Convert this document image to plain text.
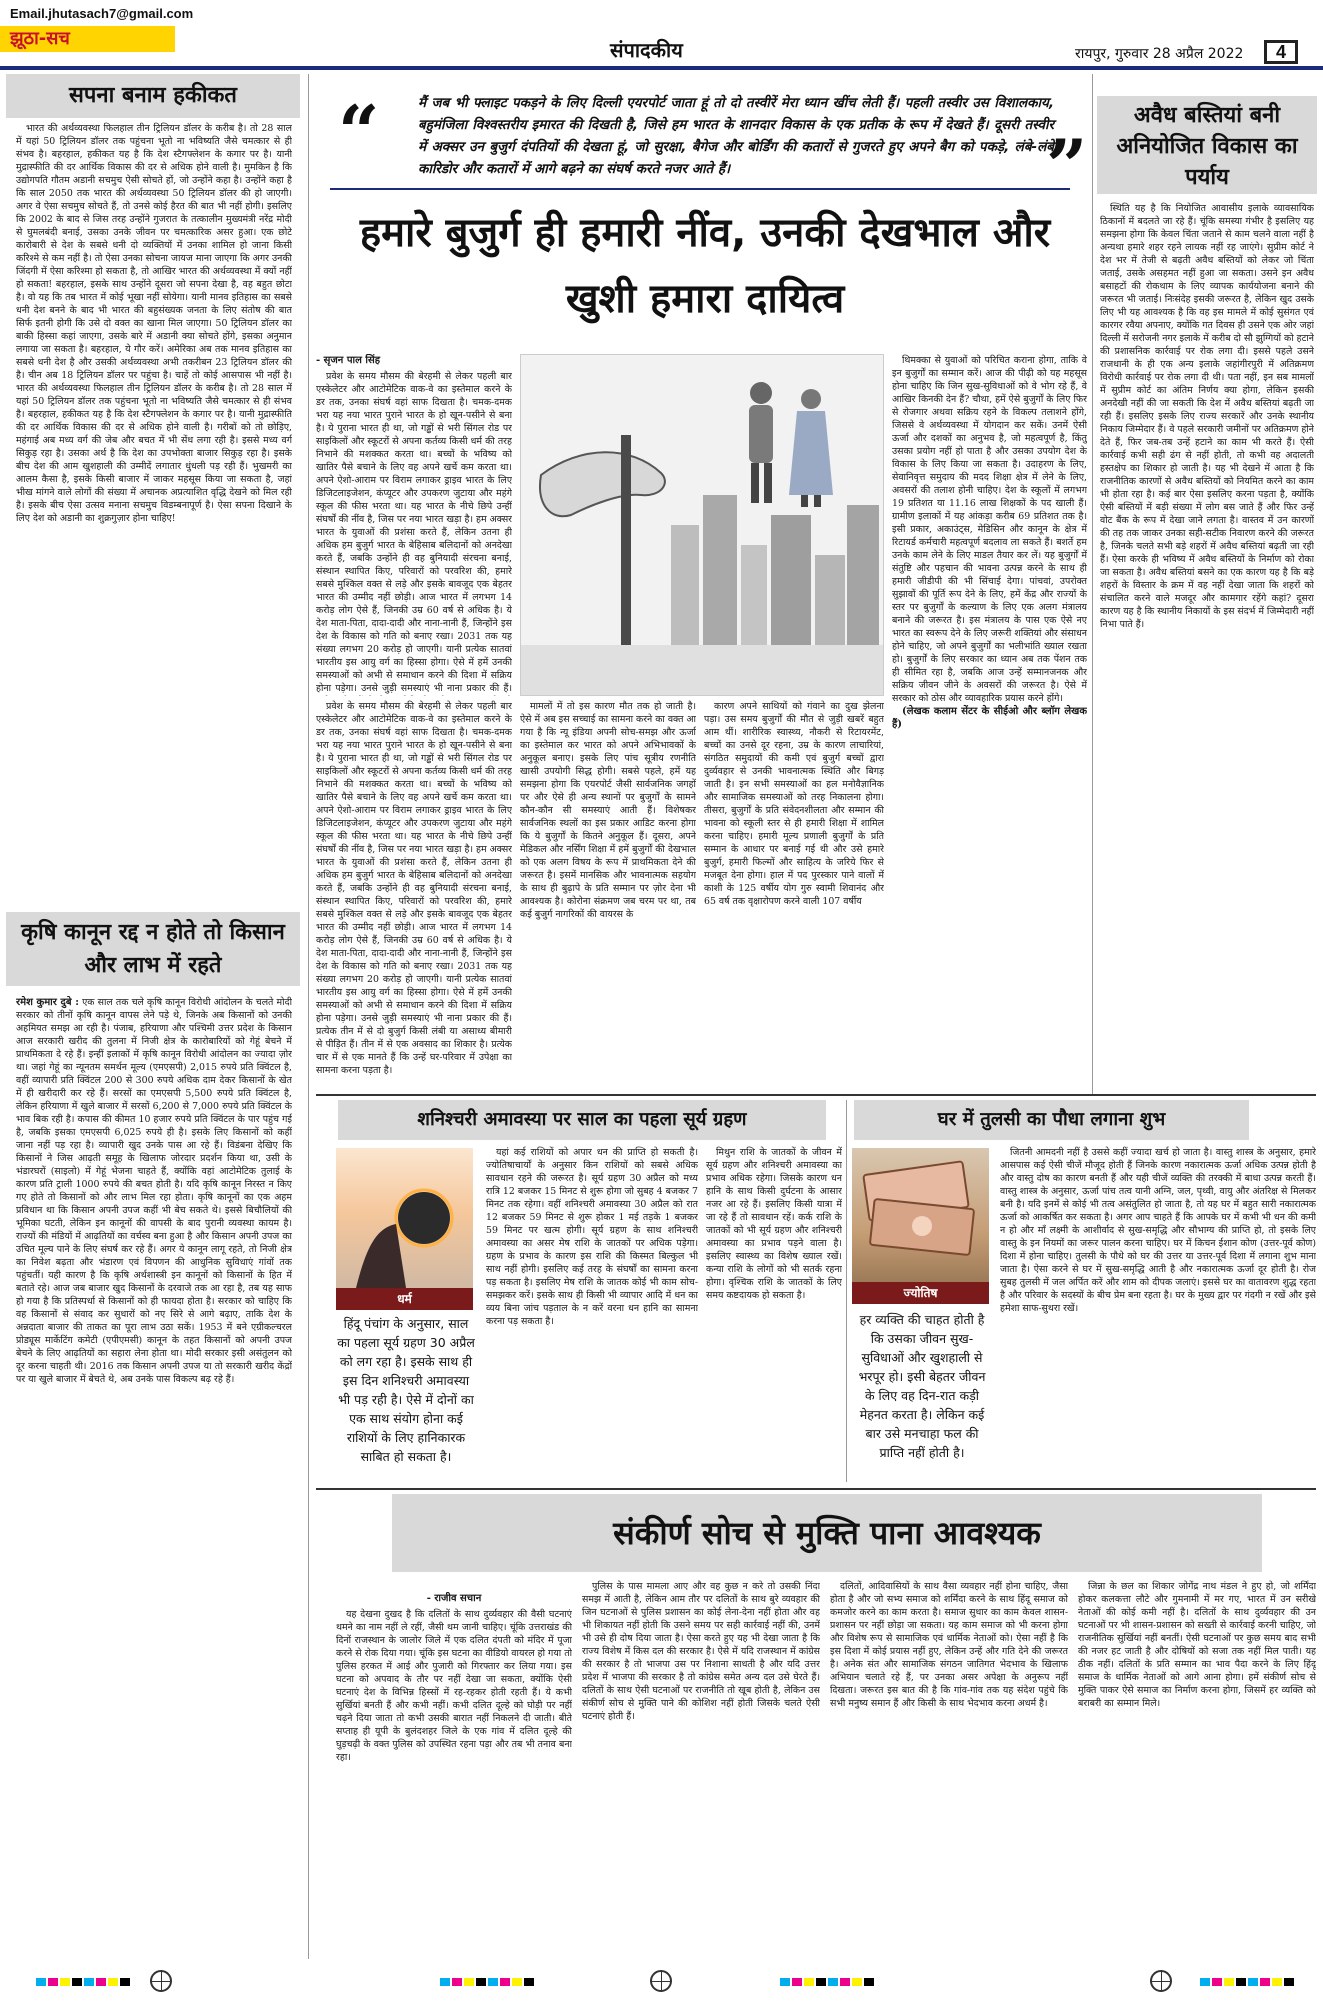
Email.jhutasach7@gmail.com
झूठा-सच	संपादकीय	रायपुर, गुरुवार 28 अप्रैल 2022	4
सपना बनाम हकीकत

भारत की अर्थव्यवस्था फिलहाल तीन ट्रिलियन डॉलर के करीब है। तो 28 साल में यहां 50 ट्रिलियन डॉलर तक पहुंचना भूतो ना भविष्यति जैसे चमत्कार से ही संभव है। बहरहाल, हकीकत यह है कि देश स्टैगफ्लेशन के कगार पर है। यानी मुद्रास्फीति की दर आर्थिक विकास की दर से अधिक होने वाली है। मुमकिन है कि उद्योगपति गौतम अडानी सचमुच ऐसी सोचते हों, जो उन्होंने कहा है। उन्होंने कहा है कि साल 2050 तक भारत की अर्थव्यवस्था 50 ट्रिलियन डॉलर की हो जाएगी। अगर वे ऐसा सचमुच सोचते हैं, तो उनसे कोई हैरत की बात भी नहीं होगी। इसलिए कि 2002 के बाद से जिस तरह उन्होंने गुजरात के तत्कालीन मुख्यमंत्री नरेंद्र मोदी से घुमलबंदी बनाई, उसका उनके जीवन पर चमत्कारिक असर हुआ। एक छोटे कारोबारी से देश के सबसे धनी दो व्यक्तियों में उनका शामिल हो जाना किसी करिश्मे से कम नहीं है। तो ऐसा उनका सोचना जायज माना जाएगा कि अगर उनकी जिंदगी में ऐसा करिश्मा हो सकता है, तो आखिर भारत की अर्थव्यवस्था में क्यों नहीं हो सकता! बहरहाल, इसके साथ उन्होंने दूसरा जो सपना देखा है, वह बहुत छोटा है। वो यह कि तब भारत में कोई भूखा नहीं सोयेगा। यानी मानव इतिहास का सबसे धनी देश बनने के बाद भी भारत की बहुसंख्यक जनता के लिए संतोष की बात सिर्फ इतनी होगी कि उसे दो वक्त का खाना मिल जाएगा। 50 ट्रिलियन डॉलर का बाकी हिस्सा कहां जाएगा, उसके बारे में अडानी क्या सोचते होंगे, इसका अनुमान लगाया जा सकता है। बहरहाल, ये गौर करें। अमेरिका अब तक मानव इतिहास का सबसे धनी देश है और उसकी अर्थव्यवस्था अभी तकरीबन 23 ट्रिलियन डॉलर की है। चीन अब 18 ट्रिलियन डॉलर पर पहुंचा है। चाहें तो कोई आसपास भी नहीं है। भारत की अर्थव्यवस्था फिलहाल तीन ट्रिलियन डॉलर के करीब है। तो 28 साल में यहां 50 ट्रिलियन डॉलर तक पहुंचना भूतो ना भविष्यति जैसे चमत्कार से ही संभव है। बहरहाल, हकीकत यह है कि देश स्टैगफ्लेशन के कगार पर है। यानी मुद्रास्फीति की दर आर्थिक विकास की दर से अधिक होने वाली है। गरीबों को तो छोड़िए, महंगाई अब मध्य वर्ग की जेब और बचत में भी सेंध लगा रही है। इससे मध्य वर्ग सिकुड़ रहा है। उसका अर्थ है कि देश का उपभोक्ता बाजार सिकुड़ रहा है। इसके बीच देश की आम खुशहाली की उम्मीदें लगातार धुंधली पड़ रही हैं। भुखमरी का आलम कैसा है, इसके किसी बाजार में जाकर महसूस किया जा सकता है, जहां भीख मांगने वाले लोगों की संख्या में अचानक अप्रत्याशित वृद्धि देखने को मिल रही है। इसके बीच ऐसा उत्सव मनाना सचमुच विडम्बनापूर्ण है। ऐसा सपना दिखाने के लिए देश को अडानी का शुक्रगुज़ार होना चाहिए!

कृषि कानून रद्द न होते तो किसान और लाभ में रहते
रमेश कुमार दुबे : एक साल तक चले कृषि कानून विरोधी आंदोलन के चलते मोदी सरकार को तीनों कृषि कानून वापस लेने पड़े थे, जिनके अब किसानों को उनकी अहमियत समझ आ रही है। पंजाब, हरियाणा और पश्चिमी उत्तर प्रदेश के किसान आज सरकारी खरीद की तुलना में निजी क्षेत्र के कारोबारियों को गेहूं बेचने में प्राथमिकता दे रहे हैं। इन्हीं इलाकों में कृषि कानून विरोधी आंदोलन का ज्यादा ज़ोर था। जहां गेहूं का न्यूनतम समर्थन मूल्य (एमएसपी) 2,015 रुपये प्रति क्विंटल है, वहीं व्यापारी प्रति क्विंटल 200 से 300 रुपये अधिक दाम देकर किसानों के खेत में ही खरीदारी कर रहे हैं। सरसों का एमएसपी 5,500 रुपये प्रति क्विंटल है, लेकिन हरियाणा में खुले बाजार में सरसों 6,200 से 7,000 रुपये प्रति क्विंटल के भाव बिक रही है। कपास की कीमत 10 हजार रुपये प्रति क्विंटल के पार पहुंच गई है, जबकि इसका एमएसपी 6,025 रुपये ही है। इसके लिए किसानों को कहीं जाना नहीं पड़ रहा है। व्यापारी खुद उनके पास आ रहे हैं। विडंबना देखिए कि किसानों ने जिस आढ़ती समूह के खिलाफ जोरदार प्रदर्शन किया था, उसी के भंडारघरों (साइलो) में गेहूं भेजना चाहते हैं, क्योंकि वहां आटोमेटिक तुलाई के कारण प्रति ट्राली 1000 रुपये की बचत होती है। यदि कृषि कानून निरस्त न किए गए होते तो किसानों को और लाभ मिल रहा होता। कृषि कानूनों का एक अहम प्रविधान था कि किसान अपनी उपज कहीं भी बेच सकते थे। इससे बिचौलियों की भूमिका घटती, लेकिन इन कानूनों की वापसी के बाद पुरानी व्यवस्था कायम है। राज्यों की मंडियों में आढ़तियों का वर्चस्व बना हुआ है और किसान अपनी उपज का उचित मूल्य पाने के लिए संघर्ष कर रहे हैं। अगर ये कानून लागू रहते, तो निजी क्षेत्र का निवेश बढ़ता और भंडारण एवं विपणन की आधुनिक सुविधाएं गांवों तक पहुंचतीं। यही कारण है कि कृषि अर्थशास्त्री इन कानूनों को किसानों के हित में बताते रहे। आज जब बाजार खुद किसानों के दरवाजे तक आ रहा है, तब यह साफ हो गया है कि प्रतिस्पर्धा से किसानों को ही फायदा होता है। सरकार को चाहिए कि वह किसानों से संवाद कर सुधारों को नए सिरे से आगे बढ़ाए, ताकि देश के अन्नदाता बाजार की ताकत का पूरा लाभ उठा सकें। 1953 में बने एग्रीकल्चरल प्रोड्यूस मार्केटिंग कमेटी (एपीएमसी) कानून के तहत किसानों को अपनी उपज बेचने के लिए आढ़तियों का सहारा लेना होता था। मोदी सरकार इसी असंतुलन को दूर करना चाहती थी। 2016 तक किसान अपनी उपज या तो सरकारी खरीद केंद्रों पर या खुले बाजार में बेचते थे, अब उनके पास विकल्प बढ़ रहे हैं।
“	मैं जब भी फ्लाइट पकड़ने के लिए दिल्ली एयरपोर्ट जाता हूं तो दो तस्वीरें मेरा ध्यान खींच लेती हैं। पहली तस्वीर उस विशालकाय, बहुमंजिला विश्वस्तरीय इमारत की दिखती है, जिसे हम भारत के शानदार विकास के एक प्रतीक के रूप में देखते हैं। दूसरी तस्वीर में अक्सर उन बुजुर्ग दंपतियों की देखता हूं, जो सुरक्षा, बैगेज और बोर्डिंग की कतारों से गुजरते हुए अपने बैग को पकड़े, लंबे-लंबे कारिडोर और कतारों में आगे बढ़ने का संघर्ष करते नजर आते हैं।	”
हमारे बुजुर्ग ही हमारी नींव, उनकी देखभाल और खुशी हमारा दायित्व
- सृजन पाल सिंह

प्रवेश के समय मौसम की बेरहमी से लेकर पहली बार एस्केलेटर और आटोमेटिक वाक-वे का इस्तेमाल करने के डर तक, उनका संघर्ष वहां साफ दिखता है। चमक-दमक भरा यह नया भारत पुराने भारत के हो खून-पसीने से बना है। ये पुराना भारत ही था, जो गड्ढों से भरी सिंगल रोड पर साइकिलों और स्कूटरों से अपना कर्तव्य किसी धर्म की तरह निभाने की मशक्कत करता था। बच्चों के भविष्य को खातिर पैसे बचाने के लिए वह अपने खर्चे कम करता था। अपने ऐशो-आराम पर विराम लगाकर ड्राइव भारत के लिए डिजिटलाइजेशन, कंप्यूटर और उपकरण जुटाया और महंगे स्कूल की फीस भरता था। यह भारत के नीचे छिपे उन्हीं संघर्षों की नींव है, जिस पर नया भारत खड़ा है। हम अक्सर भारत के युवाओं की प्रशंसा करते हैं, लेकिन उतना ही अधिक हम बुजुर्ग भारत के बेहिसाब बलिदानों को अनदेखा करते हैं, जबकि उन्होंने ही वह बुनियादी संरचना बनाई, संस्थान स्थापित किए, परिवारों को परवरिश की, हमारे सबसे मुश्किल वक्त से लड़े और इसके बावजूद एक बेहतर भारत की उम्मीद नहीं छोड़ी। आज भारत में लगभग 14 करोड़ लोग ऐसे हैं, जिनकी उम्र 60 वर्ष से अधिक है। ये देश माता-पिता, दादा-दादी और नाना-नानी हैं, जिन्होंने इस देश के विकास को गति को बनाए रखा। 2031 तक यह संख्या लगभग 20 करोड़ हो जाएगी। यानी प्रत्येक सातवां भारतीय इस आयु वर्ग का हिस्सा होगा। ऐसे में हमें उनकी समस्याओं को अभी से समाधान करने की दिशा में सक्रिय होना पड़ेगा। उनसे जुड़ी समस्याएं भी नाना प्रकार की हैं।

थिमक्का से युवाओं को परिचित कराना होगा, ताकि वे इन बुजुर्गों का सम्मान करें। आज की पीढ़ी को यह महसूस होना चाहिए कि जिन सुख-सुविधाओं को वे भोग रहे हैं, वे आखिर किनकी देन हैं? चौथा, हमें ऐसे बुजुर्गों के लिए फिर से रोजगार अथवा सक्रिय रहने के विकल्प तलाशने होंगे, जिससे वे अर्थव्यवस्था में योगदान कर सकें। उनमें ऐसी ऊर्जा और दशकों का अनुभव है, जो महत्वपूर्ण है, किंतु उसका प्रयोग नहीं हो पाता है और उसका उपयोग देश के विकास के लिए किया जा सकता है। उदाहरण के लिए, सेवानिवृत्त समुदाय की मदद शिक्षा क्षेत्र में लेने के लिए, अवसरों की तलाश होनी चाहिए। देश के स्कूलों में लगभग 19 प्रतिशत या 11.16 लाख शिक्षकों के पद खाली हैं। ग्रामीण इलाकों में यह आंकड़ा करीब 69 प्रतिशत तक है। इसी प्रकार, अकाउंट्स, मेडिसिन और कानून के क्षेत्र में रिटायर्ड कर्मचारी महत्वपूर्ण बदलाव ला सकते हैं। बशर्ते हम उनके काम लेने के लिए माडल तैयार कर लें। यह बुजुर्गों में संतुष्टि और पहचान की भावना उत्पन्न करने के साथ ही हमारी जीडीपी की भी सिंचाई देगा। पांचवां, उपरोक्त सुझावों की पूर्ति रूप देने के लिए, हमें केंद्र और राज्यों के स्तर पर बुजुर्गों के कल्याण के लिए एक अलग मंत्रालय बनाने की जरूरत है। इस मंत्रालय के पास एक ऐसे नए भारत का स्वरूप देने के लिए जरूरी शक्तियां और संसाधन होने चाहिए, जो अपने बुजुर्गों का भलीभांति ख्याल रखता हो। बुजुर्गों के लिए सरकार का ध्यान अब तक पेंशन तक ही सीमित रहा है, जबकि आज उन्हें सम्मानजनक और सक्रिय जीवन जीने के अवसरों की जरूरत है। ऐसे में सरकार को ठोस और व्यावहारिक प्रयास करने होंगे।

(लेखक कलाम सेंटर के सीईओ और ब्लॉग लेखक हैं)

प्रवेश के समय मौसम की बेरहमी से लेकर पहली बार एस्केलेटर और आटोमेटिक वाक-वे का इस्तेमाल करने के डर तक, उनका संघर्ष वहां साफ दिखता है। चमक-दमक भरा यह नया भारत पुराने भारत के हो खून-पसीने से बना है। ये पुराना भारत ही था, जो गड्ढों से भरी सिंगल रोड पर साइकिलों और स्कूटरों से अपना कर्तव्य किसी धर्म की तरह निभाने की मशक्कत करता था। बच्चों के भविष्य को खातिर पैसे बचाने के लिए वह अपने खर्चे कम करता था। अपने ऐशो-आराम पर विराम लगाकर ड्राइव भारत के लिए डिजिटलाइजेशन, कंप्यूटर और उपकरण जुटाया और महंगे स्कूल की फीस भरता था। यह भारत के नीचे छिपे उन्हीं संघर्षों की नींव है, जिस पर नया भारत खड़ा है। हम अक्सर भारत के युवाओं की प्रशंसा करते हैं, लेकिन उतना ही अधिक हम बुजुर्ग भारत के बेहिसाब बलिदानों को अनदेखा करते हैं, जबकि उन्होंने ही वह बुनियादी संरचना बनाई, संस्थान स्थापित किए, परिवारों को परवरिश की, हमारे सबसे मुश्किल वक्त से लड़े और इसके बावजूद एक बेहतर भारत की उम्मीद नहीं छोड़ी। आज भारत में लगभग 14 करोड़ लोग ऐसे हैं, जिनकी उम्र 60 वर्ष से अधिक है। ये देश माता-पिता, दादा-दादी और नाना-नानी हैं, जिन्होंने इस देश के विकास को गति को बनाए रखा। 2031 तक यह संख्या लगभग 20 करोड़ हो जाएगी। यानी प्रत्येक सातवां भारतीय इस आयु वर्ग का हिस्सा होगा। ऐसे में हमें उनकी समस्याओं को अभी से समाधान करने की दिशा में सक्रिय होना पड़ेगा। उनसे जुड़ी समस्याएं भी नाना प्रकार की हैं। प्रत्येक तीन में से दो बुजुर्ग किसी लंबी या असाध्य बीमारी से पीड़ित हैं। तीन में से एक अवसाद का शिकार है। प्रत्येक चार में से एक मानते हैं कि उन्हें घर-परिवार में उपेक्षा का सामना करना पड़ता है।

मामलों में तो इस कारण मौत तक हो जाती है। ऐसे में अब इस सच्चाई का सामना करने का वक्त आ गया है कि न्यू इंडिया अपनी सोच-समझ और ऊर्जा का इस्तेमाल कर भारत को अपने अभिभावकों के अनुकूल बनाए। इसके लिए पांच सूत्रीय रणनीति खासी उपयोगी सिद्ध होगी। सबसे पहले, हमें यह समझना होगा कि एयरपोर्ट जैसी सार्वजनिक जगहों पर और ऐसे ही अन्य स्थानों पर बुजुर्गों के सामने कौन-कौन सी समस्याएं आती हैं। विशेषकर सार्वजनिक स्थलों का इस प्रकार आडिट करना होगा कि ये बुजुर्गों के कितने अनुकूल हैं। दूसरा, अपने मेडिकल और नर्सिंग शिक्षा में हमें बुजुर्गों की देखभाल को एक अलग विषय के रूप में प्राथमिकता देने की जरूरत है। इसमें मानसिक और भावनात्मक सहयोग के साथ ही बुढ़ापे के प्रति सम्मान पर ज़ोर देना भी आवश्यक है। कोरोना संक्रमण जब चरम पर था, तब कई बुजुर्ग नागरिकों की वायरस के

कारण अपने साथियों को गंवाने का दुख झेलना पड़ा। उस समय बुजुर्गों की मौत से जुड़ी खबरें बहुत आम थीं। शारीरिक स्वास्थ्य, नौकरी से रिटायरमेंट, बच्चों का उनसे दूर रहना, उम्र के कारण लाचारियां, संगठित समुदायों की कमी एवं बुजुर्ग बच्चों द्वारा दुर्व्यवहार से उनकी भावनात्मक स्थिति और बिगड़ जाती है। इन सभी समस्याओं का हल मनोवैज्ञानिक और सामाजिक समस्याओं को तरह निकालना होगा। तीसरा, बुजुर्गों के प्रति संवेदनशीलता और सम्मान की भावना को स्कूली स्तर से ही हमारी शिक्षा में शामिल करना चाहिए। हमारी मूल्य प्रणाली बुजुर्गों के प्रति सम्मान के आधार पर बनाई गई थी और उसे हमारे बुजुर्ग, हमारी फिल्मों और साहित्य के जरिये फिर से मजबूत देना होगा। हाल में पद पुरस्कार पाने वालों में काशी के 125 वर्षीय योग गुरु स्वामी शिवानंद और 65 वर्ष तक वृक्षारोपण करने वाली 107 वर्षीय

अवैध बस्तियां बनी अनियोजित विकास का पर्याय

स्थिति यह है कि नियोजित आवासीय इलाके व्यावसायिक ठिकानों में बदलते जा रहे हैं। चूंकि समस्या गंभीर है इसलिए यह समझना होगा कि केवल चिंता जताने से काम चलने वाला नहीं है अन्यथा हमारे शहर रहने लायक नहीं रह जाएंगे। सुप्रीम कोर्ट ने देश भर में तेजी से बढ़ती अवैध बस्तियों को लेकर जो चिंता जताई, उसके असहमत नहीं हुआ जा सकता। उसने इन अवैध बसाहटों की रोकथाम के लिए व्यापक कार्ययोजना बनाने की जरूरत भी जताई। निःसंदेह इसकी जरूरत है, लेकिन खुद उसके लिए भी यह आवश्यक है कि वह इस मामले में कोई सुसंगत एवं कारगर रवैया अपनाए, क्योंकि गत दिवस ही उसने एक ओर जहां दिल्ली में सरोजनी नगर इलाके में करीब दो सौ झुग्गियों को हटाने की प्रशासनिक कार्रवाई पर रोक लगा दी। इससे पहले उसने राजधानी के ही एक अन्य इलाके जहांगीरपुरी में अतिक्रमण विरोधी कार्रवाई पर रोक लगा दी थी। पता नहीं, इन सब मामलों में सुप्रीम कोर्ट का अंतिम निर्णय क्या होगा, लेकिन इसकी अनदेखी नहीं की जा सकती कि देश में अवैध बस्तियां बढ़ती जा रही हैं। इसलिए इसके लिए राज्य सरकारें और उनके स्थानीय निकाय जिम्मेदार हैं। वे पहले सरकारी जमीनों पर अतिक्रमण होने देते हैं, फिर जब-तब उन्हें हटाने का काम भी करते हैं। ऐसी कार्रवाई कभी सही ढंग से नहीं होती, तो कभी वह अदालती हस्तक्षेप का शिकार हो जाती है। यह भी देखने में आता है कि राजनीतिक कारणों से अवैध बस्तियों को नियमित करने का काम भी होता रहा है। कई बार ऐसा इसलिए करना पड़ता है, क्योंकि ऐसी बस्तियों में बड़ी संख्या में लोग बस जाते हैं और फिर उन्हें वोट बैंक के रूप में देखा जाने लगता है। वास्तव में उन कारणों की तह तक जाकर उनका सही-सटीक निवारण करने की जरूरत है, जिनके चलते सभी बड़े शहरों में अवैध बस्तियां बढ़ती जा रही हैं। ऐसा करके ही भविष्य में अवैध बस्तियों के निर्माण को रोका जा सकता है। अवैध बस्तियां बसने का एक कारण यह है कि बड़े शहरों के विस्तार के क्रम में वह नहीं देखा जाता कि शहरों को संचालित करने वाले मजदूर और कामगार रहेंगे कहां? दूसरा कारण यह है कि स्थानीय निकायों के इस संदर्भ में जिम्मेदारी नहीं निभा पाते हैं।

शनिश्चरी अमावस्या पर साल का पहला सूर्य ग्रहण	घर में तुलसी का पौधा लगाना शुभ
धर्म
हिंदू पंचांग के अनुसार, साल का पहला सूर्य ग्रहण 30 अप्रैल को लग रहा है। इसके साथ ही इस दिन शनिश्चरी अमावस्या भी पड़ रही है। ऐसे में दोनों का एक साथ संयोग होना कई राशियों के लिए हानिकारक साबित हो सकता है।

यहां कई राशियों को अपार धन की प्राप्ति हो सकती है। ज्योतिषाचार्यों के अनुसार किन राशियों को सबसे अधिक सावधान रहने की जरूरत है। सूर्य ग्रहण 30 अप्रैल को मध्य रात्रि 12 बजकर 15 मिनट से शुरू होगा जो सुबह 4 बजकर 7 मिनट तक रहेगा। वहीं शनिश्चरी अमावस्या 30 अप्रैल को रात 12 बजकर 59 मिनट से शुरू होकर 1 मई तड़के 1 बजकर 59 मिनट पर खत्म होगी। सूर्य ग्रहण के साथ शनिश्चरी अमावस्या का असर मेष राशि के जातकों पर अधिक पड़ेगा। ग्रहण के प्रभाव के कारण इस राशि की किस्मत बिल्कुल भी साथ नहीं होगी। इसलिए कई तरह के संघर्षों का सामना करना पड़ सकता है। इसलिए मेष राशि के जातक कोई भी काम सोच-समझकर करें। इसके साथ ही किसी भी व्यापार आदि में धन का व्यय बिना जांच पड़ताल के न करें वरना धन हानि का सामना करना पड़ सकता है।

मिथुन राशि के जातकों के जीवन में सूर्य ग्रहण और शनिश्चरी अमावस्या का प्रभाव अधिक रहेगा। जिसके कारण धन हानि के साथ किसी दुर्घटना के आसार नजर आ रहे हैं। इसलिए किसी यात्रा में जा रहे हैं तो सावधान रहें। कर्क राशि के जातकों को भी सूर्य ग्रहण और शनिश्चरी अमावस्या का प्रभाव पड़ने वाला है। इसलिए स्वास्थ्य का विशेष ख्याल रखें। कन्या राशि के लोगों को भी सतर्क रहना होगा। वृश्चिक राशि के जातकों के लिए समय कष्टदायक हो सकता है।	ज्योतिष
हर व्यक्ति की चाहत होती है कि उसका जीवन सुख-सुविधाओं और खुशहाली से भरपूर हो। इसी बेहतर जीवन के लिए वह दिन-रात कड़ी मेहनत करता है। लेकिन कई बार उसे मनचाहा फल की प्राप्ति नहीं होती है।

जितनी आमदनी नहीं है उससे कहीं ज्यादा खर्च हो जाता है। वास्तु शास्त्र के अनुसार, हमारे आसपास कई ऐसी चीजें मौजूद होती हैं जिनके कारण नकारात्मक ऊर्जा अधिक उत्पन्न होती है और वास्तु दोष का कारण बनती हैं और यही चीजें व्यक्ति की तरक्की में बाधा उत्पन्न करती हैं। वास्तु शास्त्र के अनुसार, ऊर्जा पांच तत्व यानी अग्नि, जल, पृथ्वी, वायु और अंतरिक्ष से मिलकर बनी है। यदि इनमें से कोई भी तत्व असंतुलित हो जाता है, तो यह घर में बहुत सारी नकारात्मक ऊर्जा को आकर्षित कर सकता है। अगर आप चाहते हैं कि आपके घर में कभी भी धन की कमी न हो और माँ लक्ष्मी के आशीर्वाद से सुख-समृद्धि और सौभाग्य की प्राप्ति हो, तो इसके लिए वास्तु के इन नियमों का जरूर पालन करना चाहिए। घर में किचन ईशान कोण (उत्तर-पूर्व कोण) दिशा में होना चाहिए। तुलसी के पौधे को घर की उत्तर या उत्तर-पूर्व दिशा में लगाना शुभ माना जाता है। ऐसा करने से घर में सुख-समृद्धि आती है और नकारात्मक ऊर्जा दूर होती है। रोज सुबह तुलसी में जल अर्पित करें और शाम को दीपक जलाएं। इससे घर का वातावरण शुद्ध रहता है और परिवार के सदस्यों के बीच प्रेम बना रहता है। घर के मुख्य द्वार पर गंदगी न रखें और इसे हमेशा साफ-सुथरा रखें।

संकीर्ण सोच से मुक्ति पाना आवश्यक
- राजीव सचान

यह देखना दुखद है कि दलितों के साथ दुर्व्यवहार की वैसी घटनाएं थमने का नाम नहीं ले रहीं, जैसी थम जानी चाहिए। चूंकि उत्तराखंड की दिनों राजस्थान के जालोर जिले में एक दलित दंपती को मंदिर में पूजा करने से रोक दिया गया। चूंकि इस घटना का वीडियो वायरल हो गया तो पुलिस हरकत में आई और पुजारी को गिरफ्तार कर लिया गया। इस घटना को अपवाद के तौर पर नहीं देखा जा सकता, क्योंकि ऐसी घटनाएं देश के विभिन्न हिस्सों में रह-रहकर होती रहती हैं। ये कभी सुर्खियां बनती हैं और कभी नहीं। कभी दलित दूल्हे को घोड़ी पर नहीं चढ़ने दिया जाता तो कभी उसकी बारात नहीं निकलने दी जाती। बीते सप्ताह ही यूपी के बुलंदशहर जिले के एक गांव में दलित दूल्हे की घुड़चढ़ी के वक्त पुलिस को उपस्थित रहना पड़ा और तब भी तनाव बना रहा।

पुलिस के पास मामला आए और वह कुछ न करे तो उसकी निंदा समझ में आती है, लेकिन आम तौर पर दलितों के साथ बुरे व्यवहार की जिन घटनाओं से पुलिस प्रशासन का कोई लेना-देना नहीं होता और वह भी शिकायत नहीं होती कि उसने समय पर सही कार्रवाई नहीं की, उनमें भी उसे ही दोष दिया जाता है। ऐसा करते हुए यह भी देखा जाता है कि राज्य विशेष में किस दल की सरकार है। ऐसे में यदि राजस्थान में कांग्रेस की सरकार है तो भाजपा उस पर निशाना साधती है और यदि उत्तर प्रदेश में भाजपा की सरकार है तो कांग्रेस समेत अन्य दल उसे घेरते हैं। दलितों के साथ ऐसी घटनाओं पर राजनीति तो खूब होती है, लेकिन उस संकीर्ण सोच से मुक्ति पाने की कोशिश नहीं होती जिसके चलते ऐसी घटनाएं होती हैं।

दलितों, आदिवासियों के साथ वैसा व्यवहार नहीं होना चाहिए, जैसा होता है और जो सभ्य समाज को शर्मिंदा करने के साथ हिंदू समाज को कमजोर करने का काम करता है। समाज सुधार का काम केवल शासन-प्रशासन पर नहीं छोड़ा जा सकता। यह काम समाज को भी करना होगा और विशेष रूप से सामाजिक एवं धार्मिक नेताओं को। ऐसा नहीं है कि इस दिशा में कोई प्रयास नहीं हुए, लेकिन उन्हें और गति देने की जरूरत है। अनेक संत और सामाजिक संगठन जातिगत भेदभाव के खिलाफ अभियान चलाते रहे हैं, पर उनका असर अपेक्षा के अनुरूप नहीं दिखता। जरूरत इस बात की है कि गांव-गांव तक यह संदेश पहुंचे कि सभी मनुष्य समान हैं और किसी के साथ भेदभाव करना अधर्म है।

जिन्ना के छल का शिकार जोगेंद्र नाथ मंडल ने हुए हो, जो शर्मिंदा होकर कलकत्ता लौटे और गुमनामी में मर गए, भारत में उन सरीखे नेताओं की कोई कमी नहीं है। दलितों के साथ दुर्व्यवहार की उन घटनाओं पर भी शासन-प्रशासन को सख्ती से कार्रवाई करनी चाहिए, जो राजनीतिक सुर्खियां नहीं बनतीं। ऐसी घटनाओं पर कुछ समय बाद सभी की नजर हट जाती है और दोषियों को सजा तक नहीं मिल पाती। यह ठीक नहीं। दलितों के प्रति सम्मान का भाव पैदा करने के लिए हिंदू समाज के धार्मिक नेताओं को आगे आना होगा। हमें संकीर्ण सोच से मुक्ति पाकर ऐसे समाज का निर्माण करना होगा, जिसमें हर व्यक्ति को बराबरी का सम्मान मिले।
